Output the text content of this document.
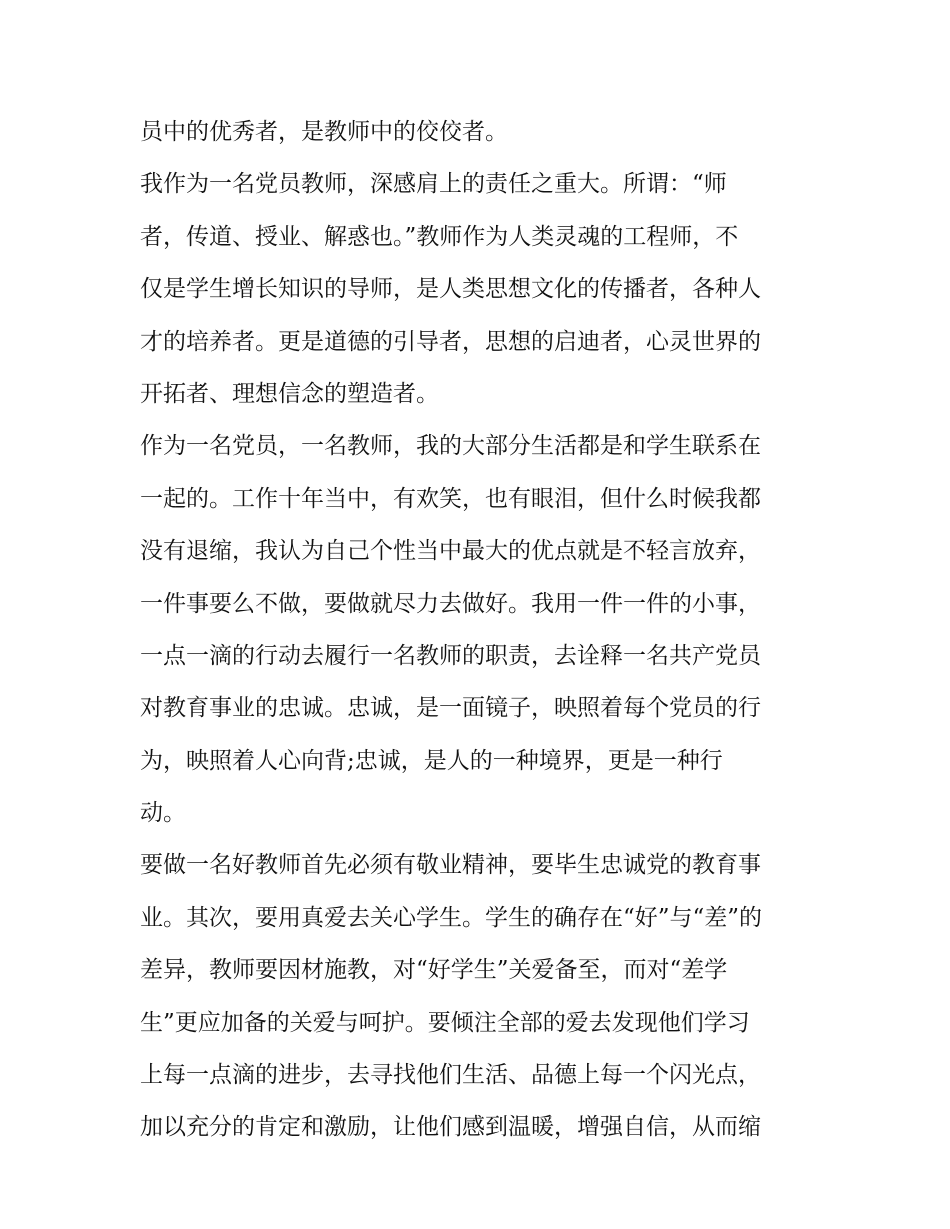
员中的优秀者，是教师中的佼佼者。
我作为一名党员教师，深感肩上的责任之重大。所谓：“师
者，传道、授业、解惑也。”教师作为人类灵魂的工程师，不
仅是学生增长知识的导师，是人类思想文化的传播者，各种人
才的培养者。更是道德的引导者，思想的启迪者，心灵世界的
开拓者、理想信念的塑造者。
作为一名党员，一名教师，我的大部分生活都是和学生联系在
一起的。工作十年当中，有欢笑，也有眼泪，但什么时候我都
没有退缩，我认为自己个性当中最大的优点就是不轻言放弃，
一件事要么不做，要做就尽力去做好。我用一件一件的小事，
一点一滴的行动去履行一名教师的职责，去诠释一名共产党员
对教育事业的忠诚。忠诚，是一面镜子，映照着每个党员的行
为，映照着人心向背;忠诚，是人的一种境界，更是一种行
动。
要做一名好教师首先必须有敬业精神，要毕生忠诚党的教育事
业。其次，要用真爱去关心学生。学生的确存在“好”与“差”的
差异，教师要因材施教，对“好学生”关爱备至，而对“差学
生”更应加备的关爱与呵护。要倾注全部的爱去发现他们学习
上每一点滴的进步，去寻找他们生活、品德上每一个闪光点，
加以充分的肯定和激励，让他们感到温暖，增强自信，从而缩
